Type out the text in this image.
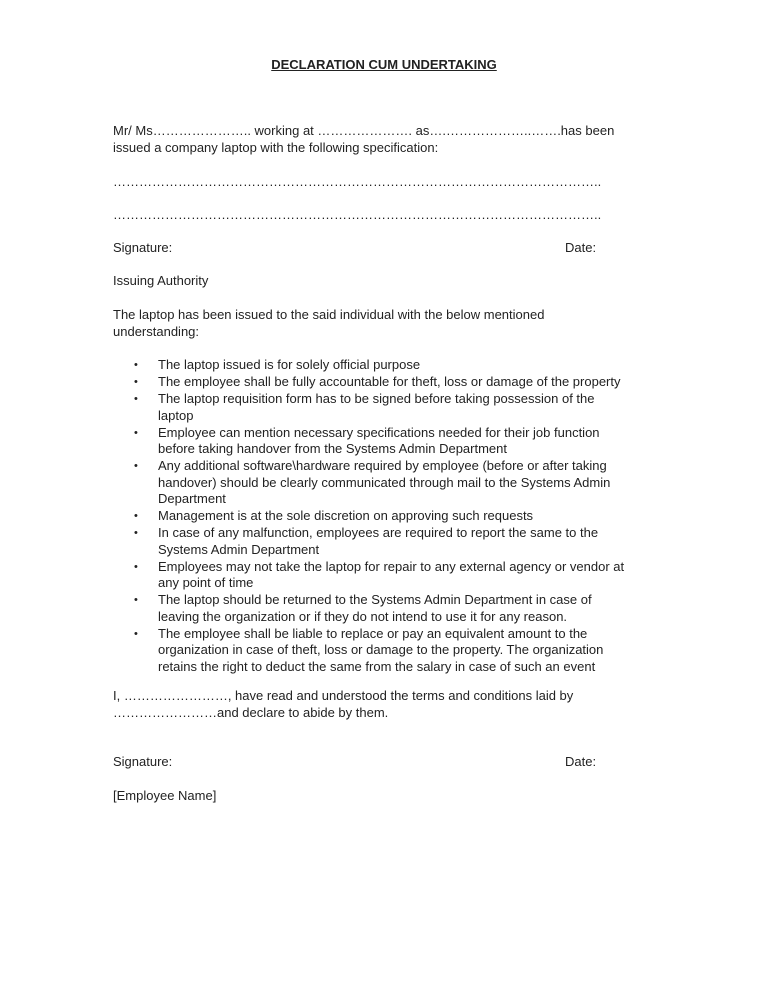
DECLARATION CUM UNDERTAKING
Mr/ Ms………………….. working at …………………. as….………………..…….has been
issued a company laptop with the following specification:
…………………………………………………………………………………………………..
…………………………………………………………………………………………………..
Signature:	Date:
Issuing Authority
The laptop has been issued to the said individual with the below mentioned
understanding:
• The laptop issued is for solely official purpose
• The employee shall be fully accountable for theft, loss or damage of the property
• The laptop requisition form has to be signed before taking possession of the
laptop
• Employee can mention necessary specifications needed for their job function
before taking handover from the Systems Admin Department
• Any additional software\hardware required by employee (before or after taking
handover) should be clearly communicated through mail to the Systems Admin
Department
• Management is at the sole discretion on approving such requests
• In case of any malfunction, employees are required to report the same to the
Systems Admin Department
• Employees may not take the laptop for repair to any external agency or vendor at
any point of time
• The laptop should be returned to the Systems Admin Department in case of
leaving the organization or if they do not intend to use it for any reason.
• The employee shall be liable to replace or pay an equivalent amount to the
organization in case of theft, loss or damage to the property. The organization
retains the right to deduct the same from the salary in case of such an event
I, ……………………, have read and understood the terms and conditions laid by
……………………and declare to abide by them.
Signature:	Date:
[Employee Name]
